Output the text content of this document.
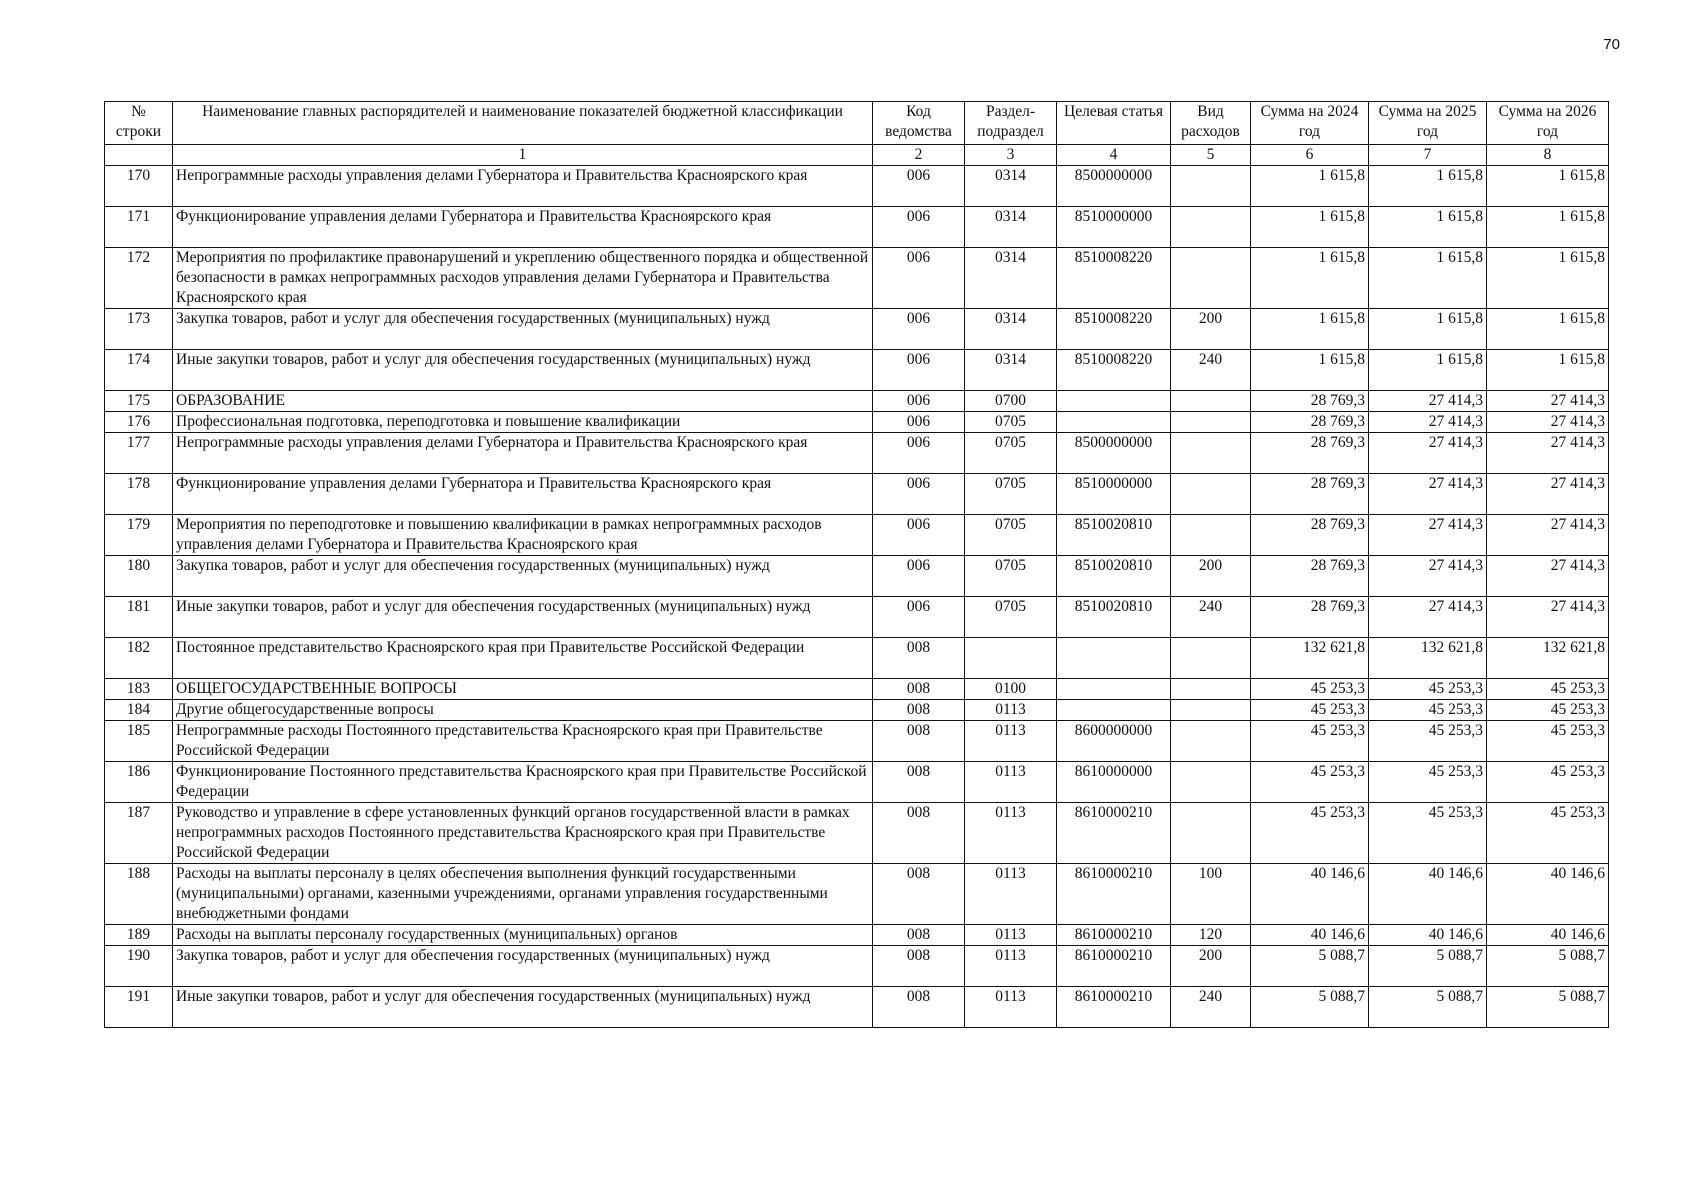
70
№ строки	Наименование главных распорядителей и наименование показателей бюджетной классификации	Код ведомства	Раздел-подраздел	Целевая статья	Вид расходов	Сумма на 2024 год	Сумма на 2025 год	Сумма на 2026 год
	1	2	3	4	5	6	7	8
170	Непрограммные расходы управления делами Губернатора и Правительства Красноярского края	006	0314	8500000000		1 615,8	1 615,8	1 615,8
171	Функционирование управления делами Губернатора и Правительства Красноярского края	006	0314	8510000000		1 615,8	1 615,8	1 615,8
172	Мероприятия по профилактике правонарушений и укреплению общественного порядка и общественной безопасности в рамках непрограммных расходов управления делами Губернатора и Правительства Красноярского края	006	0314	8510008220		1 615,8	1 615,8	1 615,8
173	Закупка товаров, работ и услуг для обеспечения государственных (муниципальных) нужд	006	0314	8510008220	200	1 615,8	1 615,8	1 615,8
174	Иные закупки товаров, работ и услуг для обеспечения государственных (муниципальных) нужд	006	0314	8510008220	240	1 615,8	1 615,8	1 615,8
175	ОБРАЗОВАНИЕ	006	0700			28 769,3	27 414,3	27 414,3
176	Профессиональная подготовка, переподготовка и повышение квалификации	006	0705			28 769,3	27 414,3	27 414,3
177	Непрограммные расходы управления делами Губернатора и Правительства Красноярского края	006	0705	8500000000		28 769,3	27 414,3	27 414,3
178	Функционирование управления делами Губернатора и Правительства Красноярского края	006	0705	8510000000		28 769,3	27 414,3	27 414,3
179	Мероприятия по переподготовке и повышению квалификации в рамках непрограммных расходов управления делами Губернатора и Правительства Красноярского края	006	0705	8510020810		28 769,3	27 414,3	27 414,3
180	Закупка товаров, работ и услуг для обеспечения государственных (муниципальных) нужд	006	0705	8510020810	200	28 769,3	27 414,3	27 414,3
181	Иные закупки товаров, работ и услуг для обеспечения государственных (муниципальных) нужд	006	0705	8510020810	240	28 769,3	27 414,3	27 414,3
182	Постоянное представительство Красноярского края при Правительстве Российской Федерации	008				132 621,8	132 621,8	132 621,8
183	ОБЩЕГОСУДАРСТВЕННЫЕ ВОПРОСЫ	008	0100			45 253,3	45 253,3	45 253,3
184	Другие общегосударственные вопросы	008	0113			45 253,3	45 253,3	45 253,3
185	Непрограммные расходы Постоянного представительства Красноярского края при Правительстве Российской Федерации	008	0113	8600000000		45 253,3	45 253,3	45 253,3
186	Функционирование Постоянного представительства Красноярского края при Правительстве Российской Федерации	008	0113	8610000000		45 253,3	45 253,3	45 253,3
187	Руководство и управление в сфере установленных функций органов государственной власти в рамках непрограммных расходов Постоянного представительства Красноярского края при Правительстве Российской Федерации	008	0113	8610000210		45 253,3	45 253,3	45 253,3
188	Расходы на выплаты персоналу в целях обеспечения выполнения функций государственными (муниципальными) органами, казенными учреждениями, органами управления государственными внебюджетными фондами	008	0113	8610000210	100	40 146,6	40 146,6	40 146,6
189	Расходы на выплаты персоналу государственных (муниципальных) органов	008	0113	8610000210	120	40 146,6	40 146,6	40 146,6
190	Закупка товаров, работ и услуг для обеспечения государственных (муниципальных) нужд	008	0113	8610000210	200	5 088,7	5 088,7	5 088,7
191	Иные закупки товаров, работ и услуг для обеспечения государственных (муниципальных) нужд	008	0113	8610000210	240	5 088,7	5 088,7	5 088,7
